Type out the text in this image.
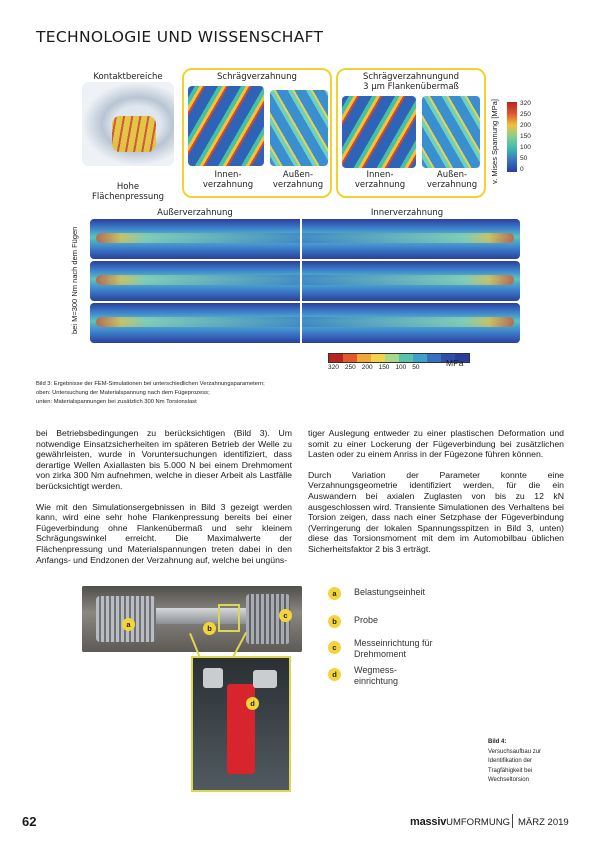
TECHNOLOGIE UND WISSENSCHAFT
Kontaktbereiche
Hohe Flächenpressung
Schrägverzahnung
Innen-
verzahnung
Außen-
verzahnung
Schrägverzahnungund
3 µm Flankenübermaß
Innen-
verzahnung
Außen-
verzahnung
320
250
200
150
100
50
0
v. Mises Spannung [MPa]
Außerverzahnung	Innerverzahnung
bei M=300 Nm nach dem Fügen
320 250 200 150 100 50	MPa
Bild 3: Ergebnisse der FEM-Simulationen bei unterschiedlichen Verzahnungsparametern;
oben: Untersuchung der Materialspannung nach dem Fügeprozess;
unten: Materialspannungen bei zusätzlich 300 Nm Torsionslast

bei Betriebsbedingungen zu berücksichtigen (Bild 3). Um notwendige Einsatzsicherheiten im späteren Betrieb der Welle zu gewährleisten, wurde in Voruntersuchungen identifiziert, dass derartige Wellen Axiallasten bis 5.000 N bei einem Drehmoment von zirka 300 Nm aufnehmen, welche in dieser Arbeit als Lastfälle berücksichtigt werden.

Wie mit den Simulationsergebnissen in Bild 3 gezeigt werden kann, wird eine sehr hohe Flankenpressung bereits bei einer Fügeverbindung ohne Flankenübermaß und sehr kleinem Schrägungswinkel erreicht. Die Maximalwerte der Flächenpressung und Materialspannungen treten dabei in den Anfangs- und Endzonen der Verzahnung auf, welche bei ungüns-

tiger Auslegung entweder zu einer plastischen Deformation und somit zu einer Lockerung der Fügeverbindung bei zusätzlichen Lasten oder zu einem Anriss in der Fügezone führen können.

Durch Variation der Parameter konnte eine Verzahnungsgeometrie identifiziert werden, für die ein Auswandern bei axialen Zuglasten von bis zu 12 kN ausgeschlossen wird. Transiente Simulationen des Verhaltens bei Torsion zeigen, dass nach einer Setzphase der Fügeverbindung (Verringerung der lokalen Spannungsspitzen in Bild 3, unten) diese das Torsionsmoment mit dem im Automobilbau üblichen Sicherheitsfaktor 2 bis 3 erträgt.

a	b
c
d
a	Belastungseinheit
b	Probe
c	Messeinrichtung für Drehmoment
d	Wegmess-
einrichtung
Bild 4:
Versuchsaufbau zur
Identifikation der
Tragfähigkeit bei
Wechseltorsion
62	massivUMFORMUNG MÄRZ 2019
